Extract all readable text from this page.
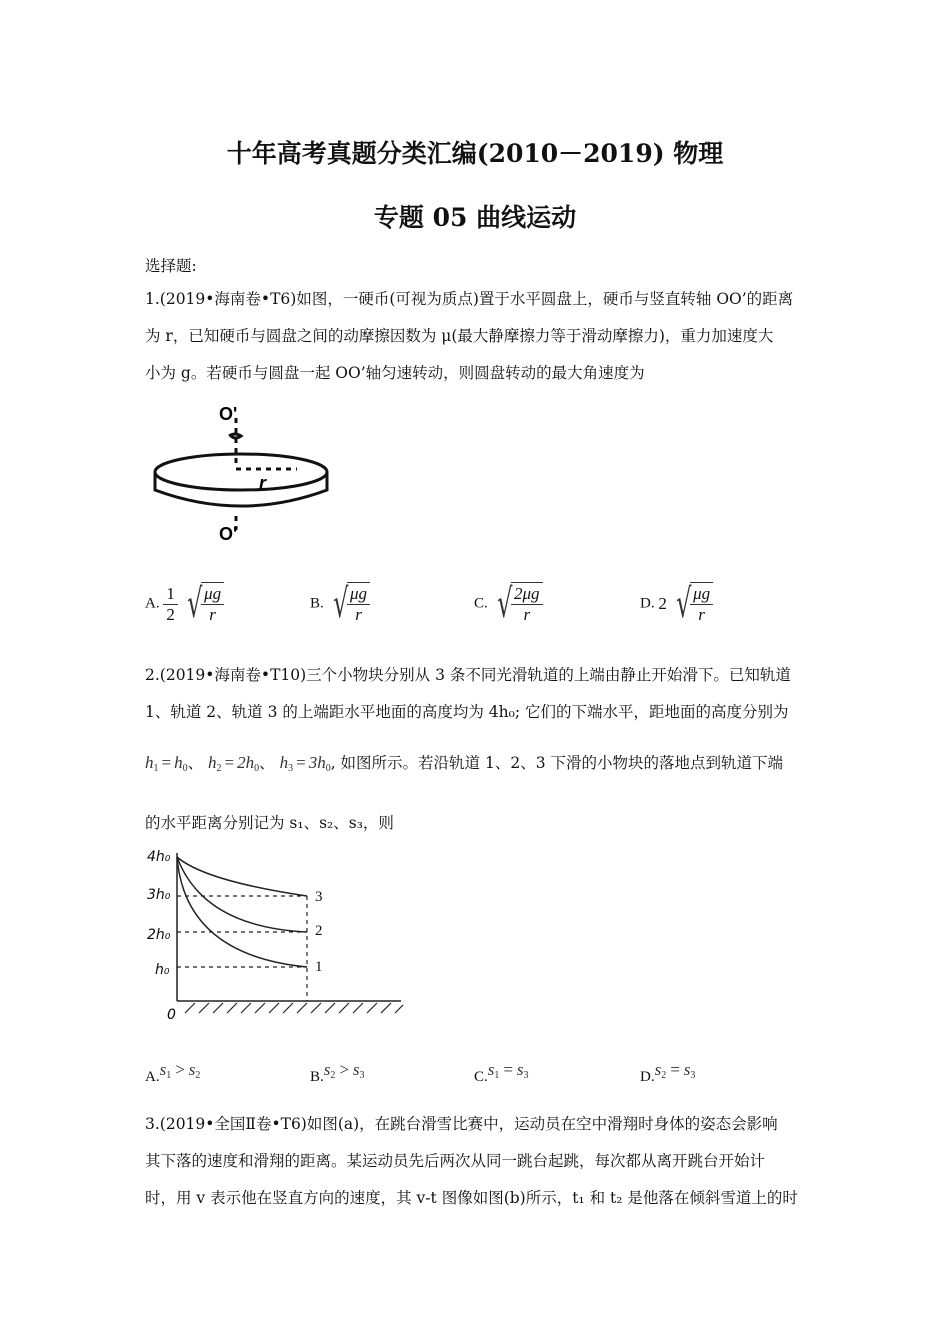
十年高考真题分类汇编(2010－2019) 物理
专题 05 曲线运动
选择题:
1.(2019•海南卷•T6)如图，一硬币(可视为质点)置于水平圆盘上，硬币与竖直转轴 OO’的距离
为 r，已知硬币与圆盘之间的动摩擦因数为 μ(最大静摩擦力等于滑动摩擦力)，重力加速度大
小为 g。若硬币与圆盘一起 OO’轴匀速转动，则圆盘转动的最大角速度为
O'
O'
r
A. $\frac{1}{2}$
√ $\frac{\mu g}{r}$	B. √ $\frac{\mu g}{r}$	C. √ $\frac{2\mu g}{r}$	D. 2 √ $\frac{\mu g}{r}$
2.(2019•海南卷•T10)三个小物块分别从 3 条不同光滑轨道的上端由静止开始滑下。已知轨道
1、轨道 2、轨道 3 的上端距水平地面的高度均为 4h₀; 它们的下端水平，距地面的高度分别为
$h_1 = h_0$、 $h_2 = 2h_0$、 $h_3 = 3h_0$, 如图所示。若沿轨道 1、2、3 下滑的小物块的落地点到轨道下端
的水平距离分别记为 s₁、s₂、s₃，则
4h₀
3h₀
2h₀
h₀
0
3
2
1
$A.s_1 > s_2$	$B.s_2 > s_3$	$C.s_1 = s_3$	$D.s_2 = s_3$
3.(2019•全国Ⅱ卷•T6)如图(a)，在跳台滑雪比赛中，运动员在空中滑翔时身体的姿态会影响
其下落的速度和滑翔的距离。某运动员先后两次从同一跳台起跳，每次都从离开跳台开始计
时，用 v 表示他在竖直方向的速度，其 v-t 图像如图(b)所示，t₁ 和 t₂ 是他落在倾斜雪道上的时
